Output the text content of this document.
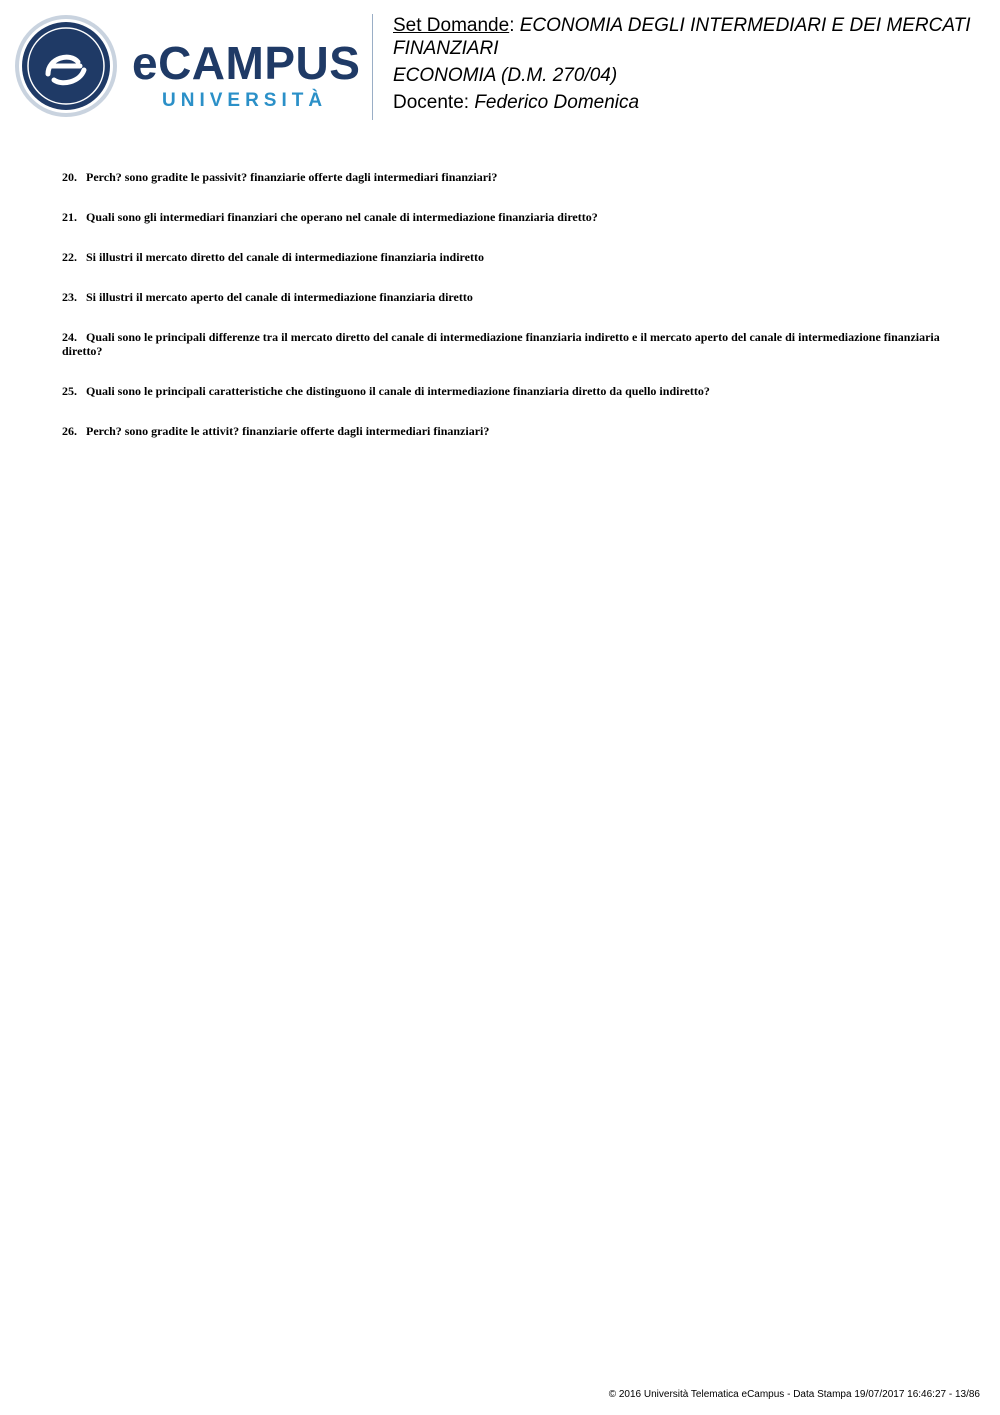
eCAMPUS
UNIVERSITÀ

Set Domande: ECONOMIA DEGLI INTERMEDIARI E DEI MERCATI FINANZIARI

ECONOMIA (D.M. 270/04)

Docente: Federico Domenica

20. Perch? sono gradite le passivit? finanziarie offerte dagli intermediari finanziari?

21. Quali sono gli intermediari finanziari che operano nel canale di intermediazione finanziaria diretto?

22. Si illustri il mercato diretto del canale di intermediazione finanziaria indiretto

23. Si illustri il mercato aperto del canale di intermediazione finanziaria diretto

24. Quali sono le principali differenze tra il mercato diretto del canale di intermediazione finanziaria indiretto e il mercato aperto del canale di intermediazione finanziaria diretto?

25. Quali sono le principali caratteristiche che distinguono il canale di intermediazione finanziaria diretto da quello indiretto?

26. Perch? sono gradite le attivit? finanziarie offerte dagli intermediari finanziari?

© 2016 Università Telematica eCampus - Data Stampa 19/07/2017 16:46:27 - 13/86
